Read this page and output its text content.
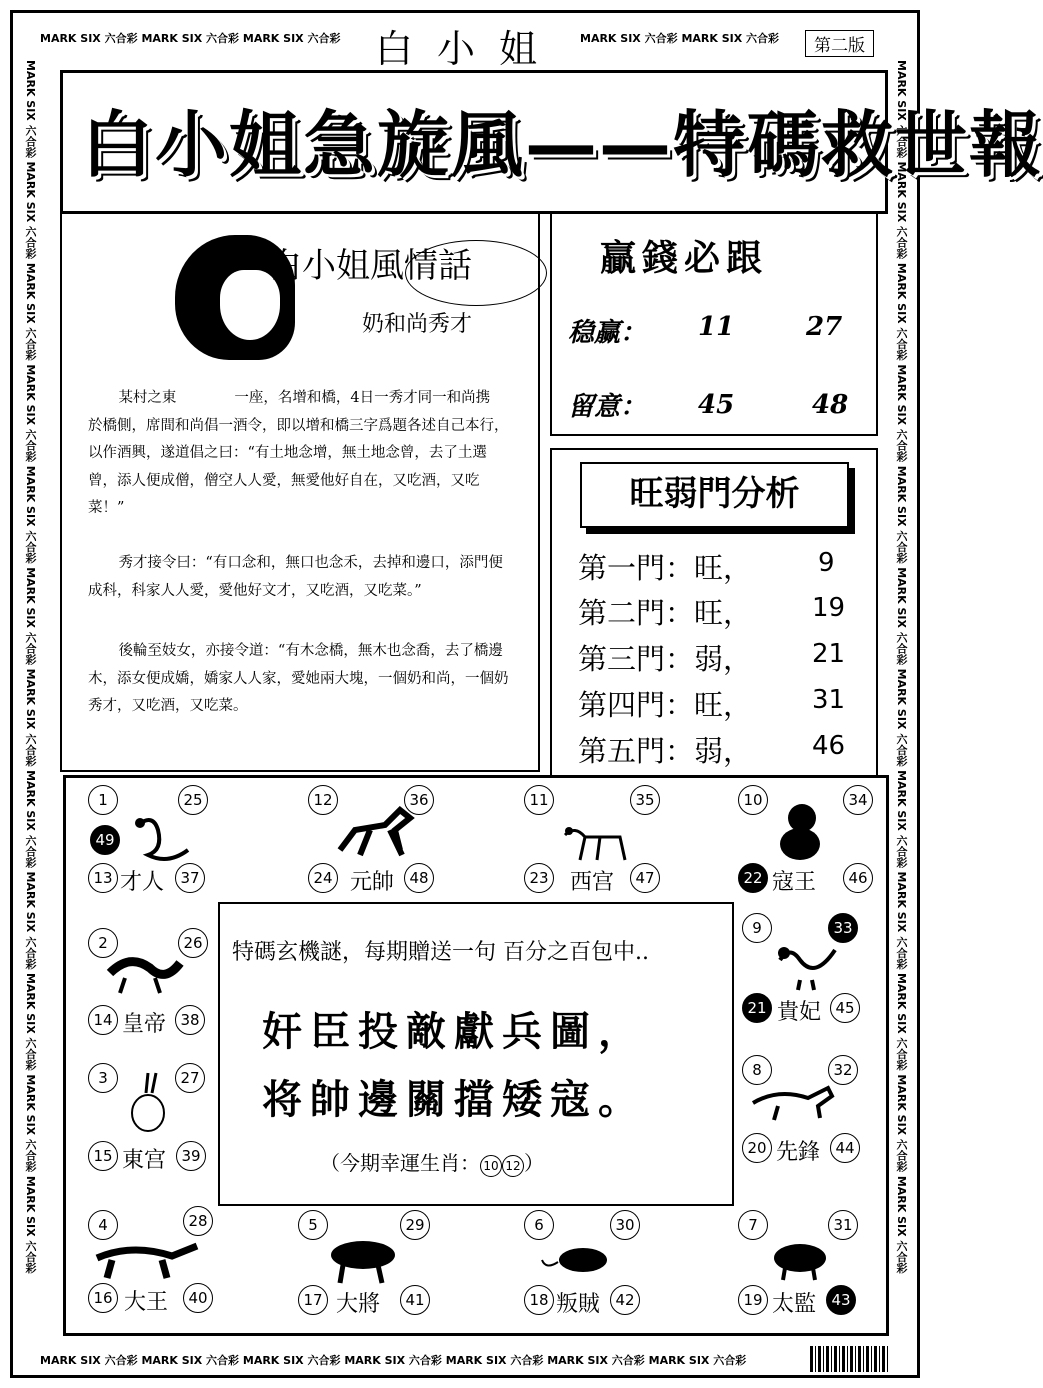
MARK SIX 六合彩 MARK SIX 六合彩 MARK SIX 六合彩	MARK SIX 六合彩 MARK SIX 六合彩
MARK SIX 六合彩 MARK SIX 六合彩 MARK SIX 六合彩 MARK SIX 六合彩 MARK SIX 六合彩 MARK SIX 六合彩 MARK SIX 六合彩 MARK SIX 六合彩 MARK SIX 六合彩 MARK SIX 六合彩 MARK SIX 六合彩 MARK SIX 六合彩	MARK SIX 六合彩 MARK SIX 六合彩 MARK SIX 六合彩 MARK SIX 六合彩 MARK SIX 六合彩 MARK SIX 六合彩 MARK SIX 六合彩 MARK SIX 六合彩 MARK SIX 六合彩 MARK SIX 六合彩 MARK SIX 六合彩 MARK SIX 六合彩
MARK SIX 六合彩 MARK SIX 六合彩 MARK SIX 六合彩 MARK SIX 六合彩 MARK SIX 六合彩 MARK SIX 六合彩 MARK SIX 六合彩
白小姐	第二版
白小姐急旋風——特碼救世報
白小姐風情話
奶和尚秀才

某村之東　　　　一座，名增和橋，4日一秀才同一和尚携　　於橋側，席間和尚倡一酒令，即以增和橋三字爲題各述自己本行，以作酒興，遂道倡之曰：“有土地念增，無土地念曾，去了土選曾，添人便成僧，僧空人人愛，無愛他好自在，又吃酒，又吃菜！”

秀才接令曰：“有口念和，無口也念禾，去掉和邊口，添門便成科，科家人人愛，愛他好文才，又吃酒，又吃菜。”

後輪至妓女，亦接令道：“有木念橋，無木也念喬，去了橋邊木，添女便成嬌，嬌家人人家，愛她兩大塊，一個奶和尚，一個奶秀才，又吃酒，又吃菜。

贏錢必跟
稳赢： 11	27
留意： 45	48
旺弱門分析
第一門：旺，	9
第二門：旺， 19
第三門：弱， 21
第四門：旺， 31
第五門：弱， 46
特碼玄機謎，每期贈送一句 百分之百包中..
奸臣投敵獻兵圖，
将帥邊關擋矮寇。
（今期幸運生肖： 10 12 ）
1	25
49
13 才人	37
12	36
24 元帥	48
11	35
23 西宫	47
10	34
22 寇王	46
2	26
14 皇帝 38
9	33
21 貴妃 45
3	27
15 東宫	39
8	32
20 先鋒	44
4	28
16 大王	40
5	29
17 大將	41
6	30
18 叛賊	42
7	31
19 太監	43
